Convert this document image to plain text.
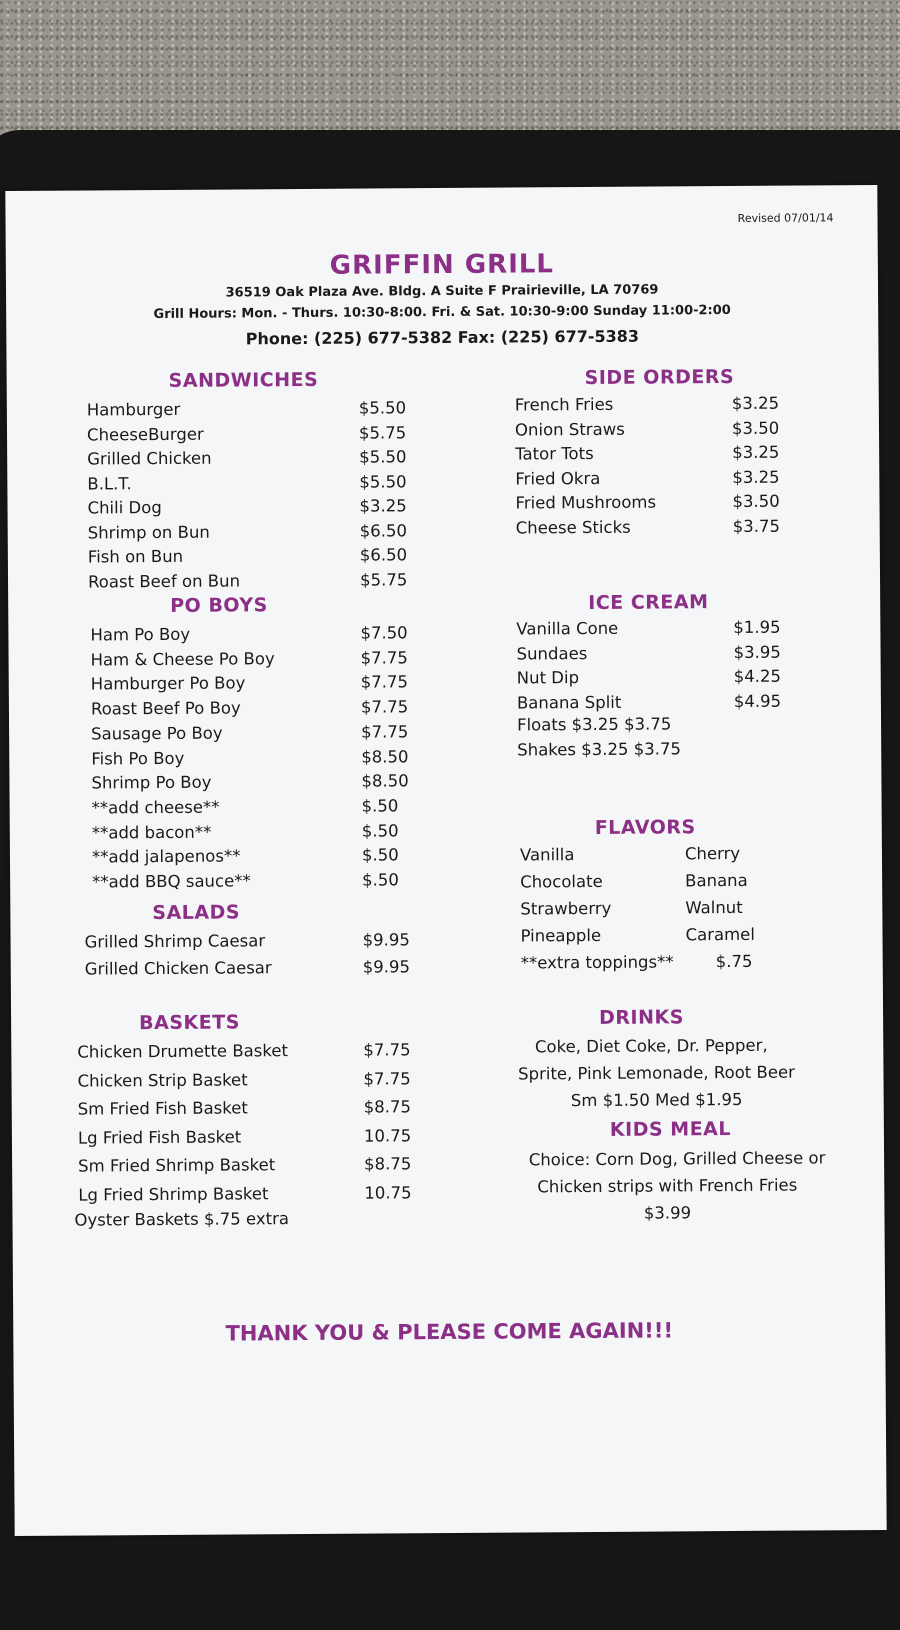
Revised 07/01/14
GRIFFIN GRILL
36519 Oak Plaza Ave. Bldg. A Suite F Prairieville, LA 70769
Grill Hours: Mon. - Thurs. 10:30-8:00. Fri. & Sat. 10:30-9:00 Sunday 11:00-2:00
Phone: (225) 677-5382 Fax: (225) 677-5383
SANDWICHES
Hamburger	$5.50
CheeseBurger	$5.75
Grilled Chicken	$5.50
B.L.T.	$5.50
Chili Dog	$3.25
Shrimp on Bun	$6.50
Fish on Bun	$6.50
Roast Beef on Bun	$5.75
PO BOYS
Ham Po Boy	$7.50
Ham & Cheese Po Boy	$7.75
Hamburger Po Boy	$7.75
Roast Beef Po Boy	$7.75
Sausage Po Boy	$7.75
Fish Po Boy	$8.50
Shrimp Po Boy	$8.50
**add cheese**	$.50
**add bacon**	$.50
**add jalapenos**	$.50
**add BBQ sauce**	$.50
SALADS
Grilled Shrimp Caesar	$9.95
Grilled Chicken Caesar	$9.95
BASKETS
Chicken Drumette Basket	$7.75
Chicken Strip Basket	$7.75
Sm Fried Fish Basket	$8.75
Lg Fried Fish Basket	10.75
Sm Fried Shrimp Basket	$8.75
Lg Fried Shrimp Basket	10.75
Oyster Baskets $.75 extra
SIDE ORDERS
French Fries	$3.25
Onion Straws	$3.50
Tator Tots	$3.25
Fried Okra	$3.25
Fried Mushrooms	$3.50
Cheese Sticks	$3.75
ICE CREAM
Vanilla Cone	$1.95
Sundaes	$3.95
Nut Dip	$4.25
Banana Split	$4.95
Floats $3.25 $3.75
Shakes $3.25 $3.75
FLAVORS
Vanilla	Cherry
Chocolate	Banana
Strawberry	Walnut
Pineapple	Caramel
**extra toppings**	$.75
DRINKS
Coke, Diet Coke, Dr. Pepper,
Sprite, Pink Lemonade, Root Beer
Sm $1.50 Med $1.95
KIDS MEAL
Choice: Corn Dog, Grilled Cheese or
Chicken strips with French Fries
$3.99
THANK YOU & PLEASE COME AGAIN!!!
